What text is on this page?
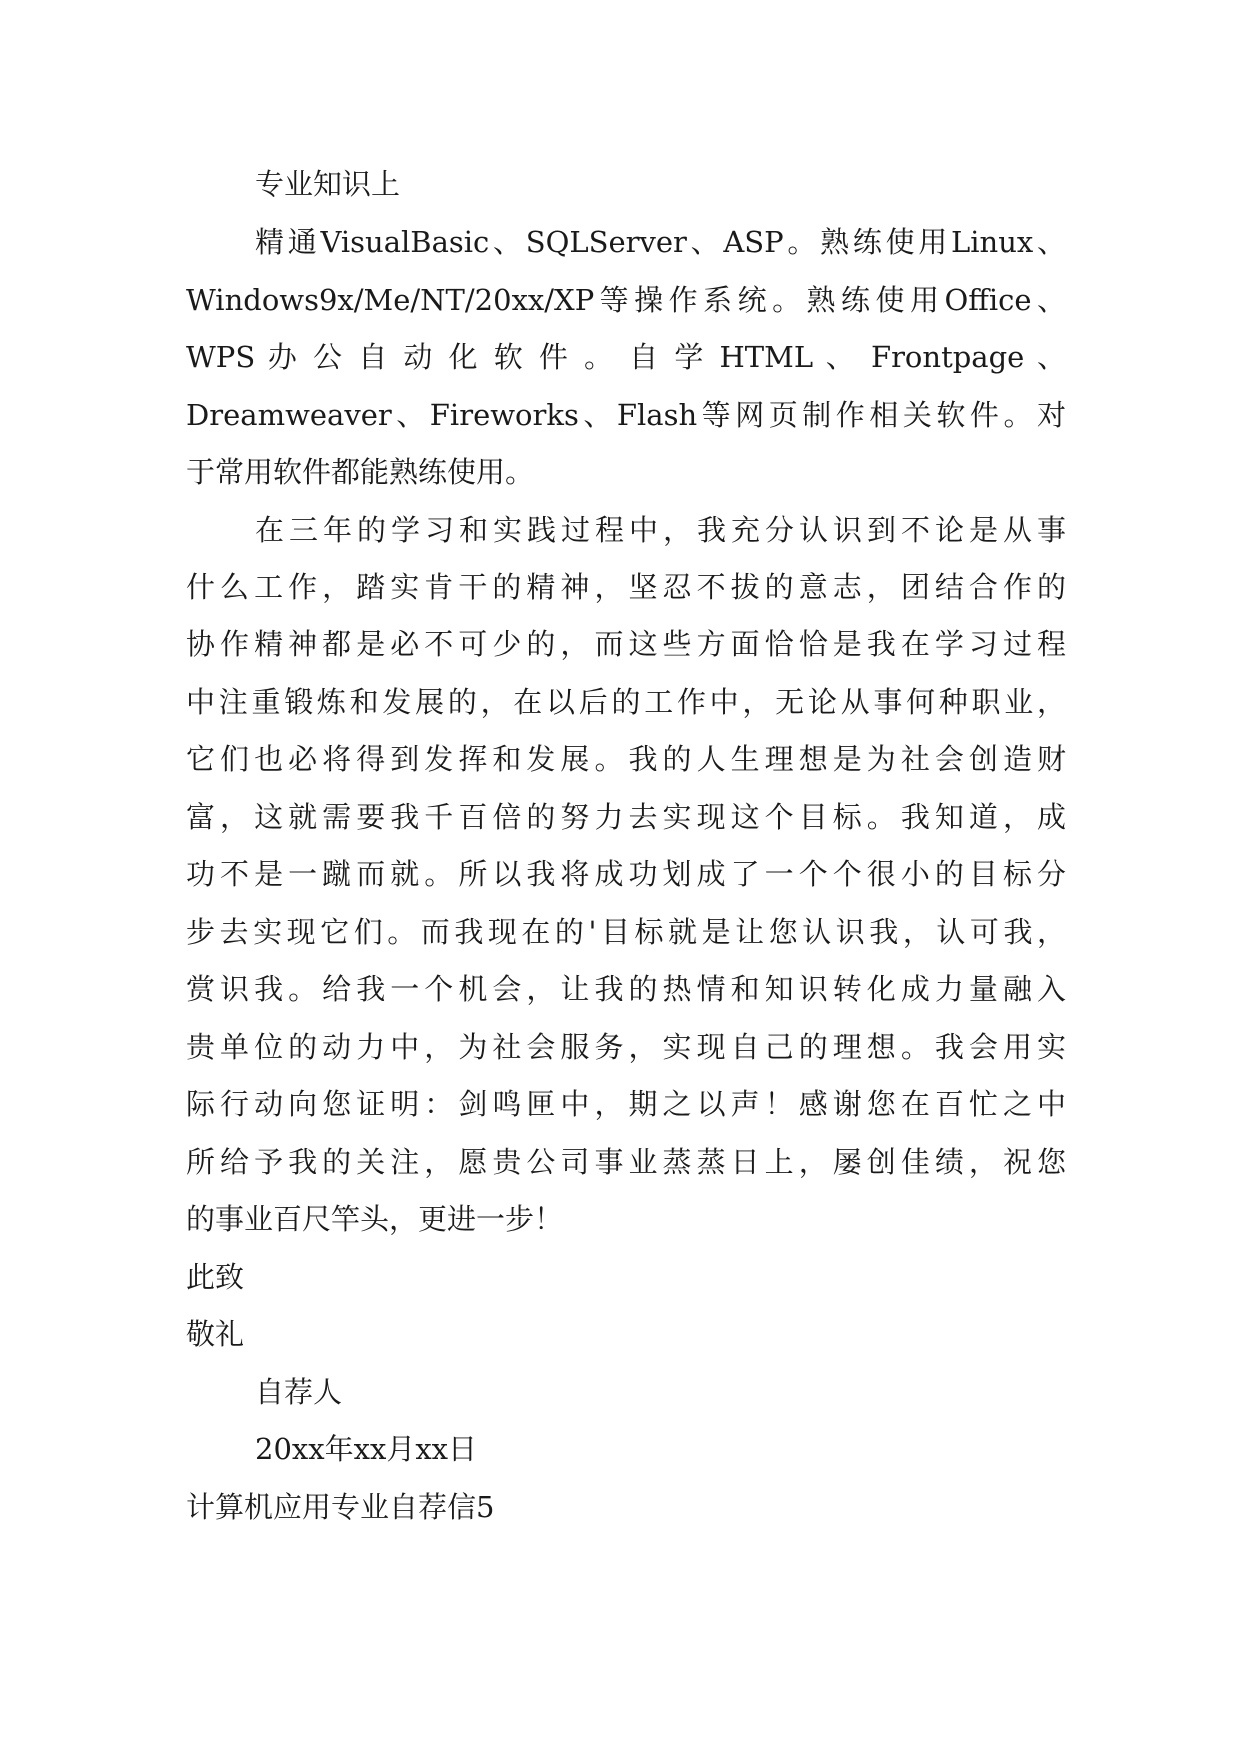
专业知识上
精通VisualBasic、SQLServer、ASP。熟练使用Linux、
Windows9x/Me/NT/20xx/XP等操作系统。熟练使用Office、
WPS 办 公 自 动 化 软 件 。 自 学 HTML 、 Frontpage 、
Dreamweaver、Fireworks、Flash等网页制作相关软件。对
于常用软件都能熟练使用。
在三年的学习和实践过程中，我充分认识到不论是从事
什么工作，踏实肯干的精神，坚忍不拔的意志，团结合作的
协作精神都是必不可少的，而这些方面恰恰是我在学习过程
中注重锻炼和发展的，在以后的工作中，无论从事何种职业，
它们也必将得到发挥和发展。我的人生理想是为社会创造财
富，这就需要我千百倍的努力去实现这个目标。我知道，成
功不是一蹴而就。所以我将成功划成了一个个很小的目标分
步去实现它们。而我现在的'目标就是让您认识我，认可我，
赏识我。给我一个机会，让我的热情和知识转化成力量融入
贵单位的动力中，为社会服务，实现自己的理想。我会用实
际行动向您证明：剑鸣匣中，期之以声！感谢您在百忙之中
所给予我的关注，愿贵公司事业蒸蒸日上，屡创佳绩，祝您
的事业百尺竿头，更进一步！
此致
敬礼
自荐人
20xx年xx月xx日
计算机应用专业自荐信5
